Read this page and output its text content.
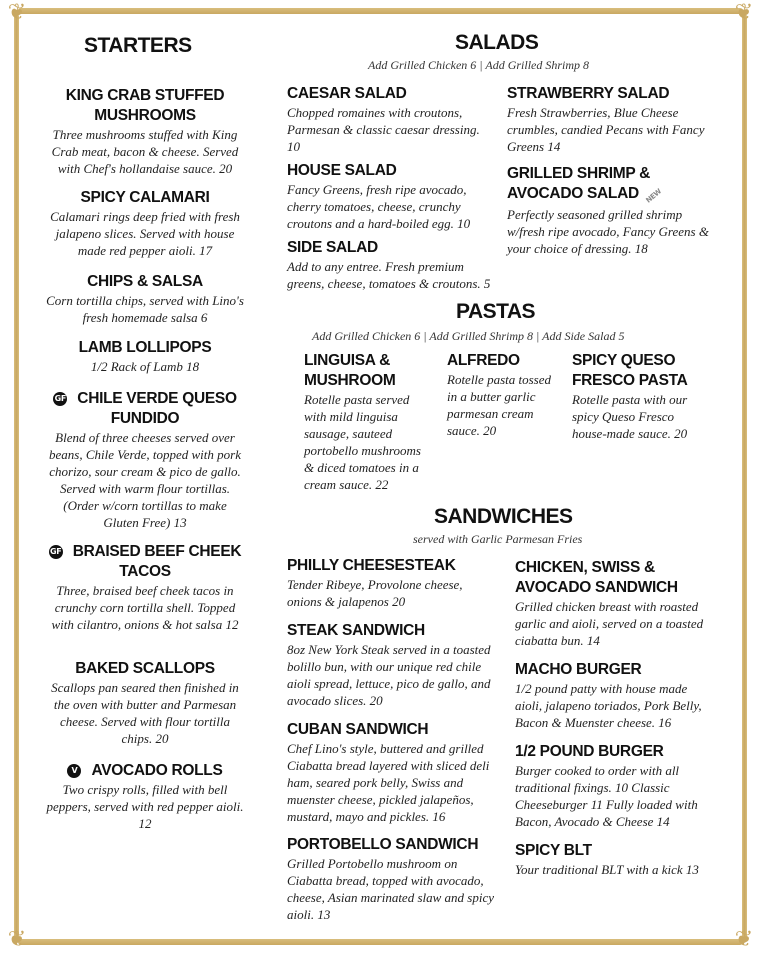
❦	❦
❦	❦
STARTERS
KING CRAB STUFFED MUSHROOMS
Three mushrooms stuffed with King Crab meat, bacon & cheese. Served with Chef's hollandaise sauce. 20
SPICY CALAMARI
Calamari rings deep fried with fresh jalapeno slices. Served with house made red pepper aioli. 17
CHIPS & SALSA
Corn tortilla chips, served with Lino's fresh homemade salsa 6
LAMB LOLLIPOPS
1/2 Rack of Lamb 18
GF CHILE VERDE QUESO FUNDIDO
Blend of three cheeses served over beans, Chile Verde, topped with pork chorizo, sour cream & pico de gallo. Served with warm flour tortillas. (Order w/corn tortillas to make Gluten Free) 13
GF BRAISED BEEF CHEEK TACOS
Three, braised beef cheek tacos in crunchy corn tortilla shell. Topped with cilantro, onions & hot salsa 12
BAKED SCALLOPS
Scallops pan seared then finished in the oven with butter and Parmesan cheese. Served with flour tortilla chips. 20
V AVOCADO ROLLS
Two crispy rolls, filled with bell peppers, served with red pepper aioli. 12
SALADS
Add Grilled Chicken 6 | Add Grilled Shrimp 8
CAESAR SALAD
Chopped romaines with croutons, Parmesan & classic caesar dressing. 10
HOUSE SALAD
Fancy Greens, fresh ripe avocado, cherry tomatoes, cheese, crunchy croutons and a hard-boiled egg. 10
SIDE SALAD
Add to any entree. Fresh premium greens, cheese, tomatoes & croutons. 5
STRAWBERRY SALAD
Fresh Strawberries, Blue Cheese crumbles, candied Pecans with Fancy Greens 14
GRILLED SHRIMP & AVOCADO SALAD NEW
Perfectly seasoned grilled shrimp w/fresh ripe avocado, Fancy Greens & your choice of dressing. 18
PASTAS
Add Grilled Chicken 6 | Add Grilled Shrimp 8 | Add Side Salad 5
LINGUISA & MUSHROOM
Rotelle pasta served with mild linguisa sausage, sauteed portobello mushrooms & diced tomatoes in a cream sauce. 22
ALFREDO
Rotelle pasta tossed in a butter garlic parmesan cream sauce. 20
SPICY QUESO FRESCO PASTA
Rotelle pasta with our spicy Queso Fresco house-made sauce. 20
SANDWICHES
served with Garlic Parmesan Fries
PHILLY CHEESESTEAK
Tender Ribeye, Provolone cheese, onions & jalapenos 20
STEAK SANDWICH
8oz New York Steak served in a toasted bolillo bun, with our unique red chile aioli spread, lettuce, pico de gallo, and avocado slices. 20
CUBAN SANDWICH
Chef Lino's style, buttered and grilled Ciabatta bread layered with sliced deli ham, seared pork belly, Swiss and muenster cheese, pickled jalapeños, mustard, mayo and pickles. 16
PORTOBELLO SANDWICH
Grilled Portobello mushroom on Ciabatta bread, topped with avocado, cheese, Asian marinated slaw and spicy aioli. 13
CHICKEN, SWISS & AVOCADO SANDWICH
Grilled chicken breast with roasted garlic and aioli, served on a toasted ciabatta bun. 14
MACHO BURGER
1/2 pound patty with house made aioli, jalapeno toriados, Pork Belly, Bacon & Muenster cheese. 16
1/2 POUND BURGER
Burger cooked to order with all traditional fixings. 10 Classic Cheeseburger 11 Fully loaded with Bacon, Avocado & Cheese 14
SPICY BLT
Your traditional BLT with a kick 13
